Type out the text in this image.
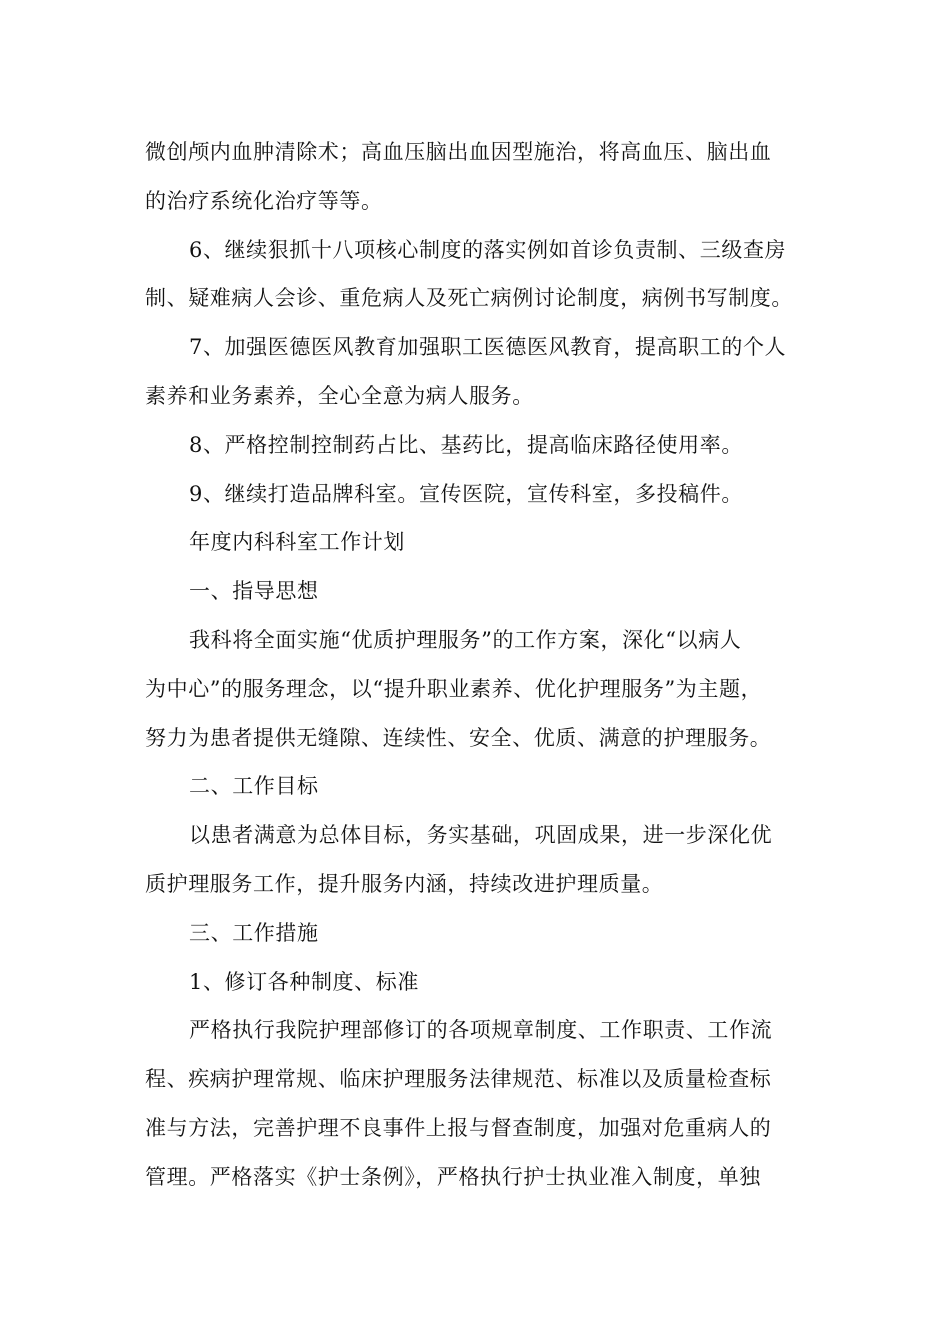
微创颅内血肿清除术；高血压脑出血因型施治，将高血压、脑出血
的治疗系统化治疗等等。
6、继续狠抓十八项核心制度的落实例如首诊负责制、三级查房
制、疑难病人会诊、重危病人及死亡病例讨论制度，病例书写制度。
7、加强医德医风教育加强职工医德医风教育，提高职工的个人
素养和业务素养，全心全意为病人服务。
8、严格控制控制药占比、基药比，提高临床路径使用率。
9、继续打造品牌科室。宣传医院，宣传科室，多投稿件。
年度内科科室工作计划
一、指导思想
我科将全面实施“优质护理服务”的工作方案，深化“以病人
为中心”的服务理念，以“提升职业素养、优化护理服务”为主题，
努力为患者提供无缝隙、连续性、安全、优质、满意的护理服务。
二、工作目标
以患者满意为总体目标，务实基础，巩固成果，进一步深化优
质护理服务工作，提升服务内涵，持续改进护理质量。
三、工作措施
1、修订各种制度、标准
严格执行我院护理部修订的各项规章制度、工作职责、工作流
程、疾病护理常规、临床护理服务法律规范、标准以及质量检查标
准与方法，完善护理不良事件上报与督查制度，加强对危重病人的
管理。严格落实《护士条例》，严格执行护士执业准入制度，单独
